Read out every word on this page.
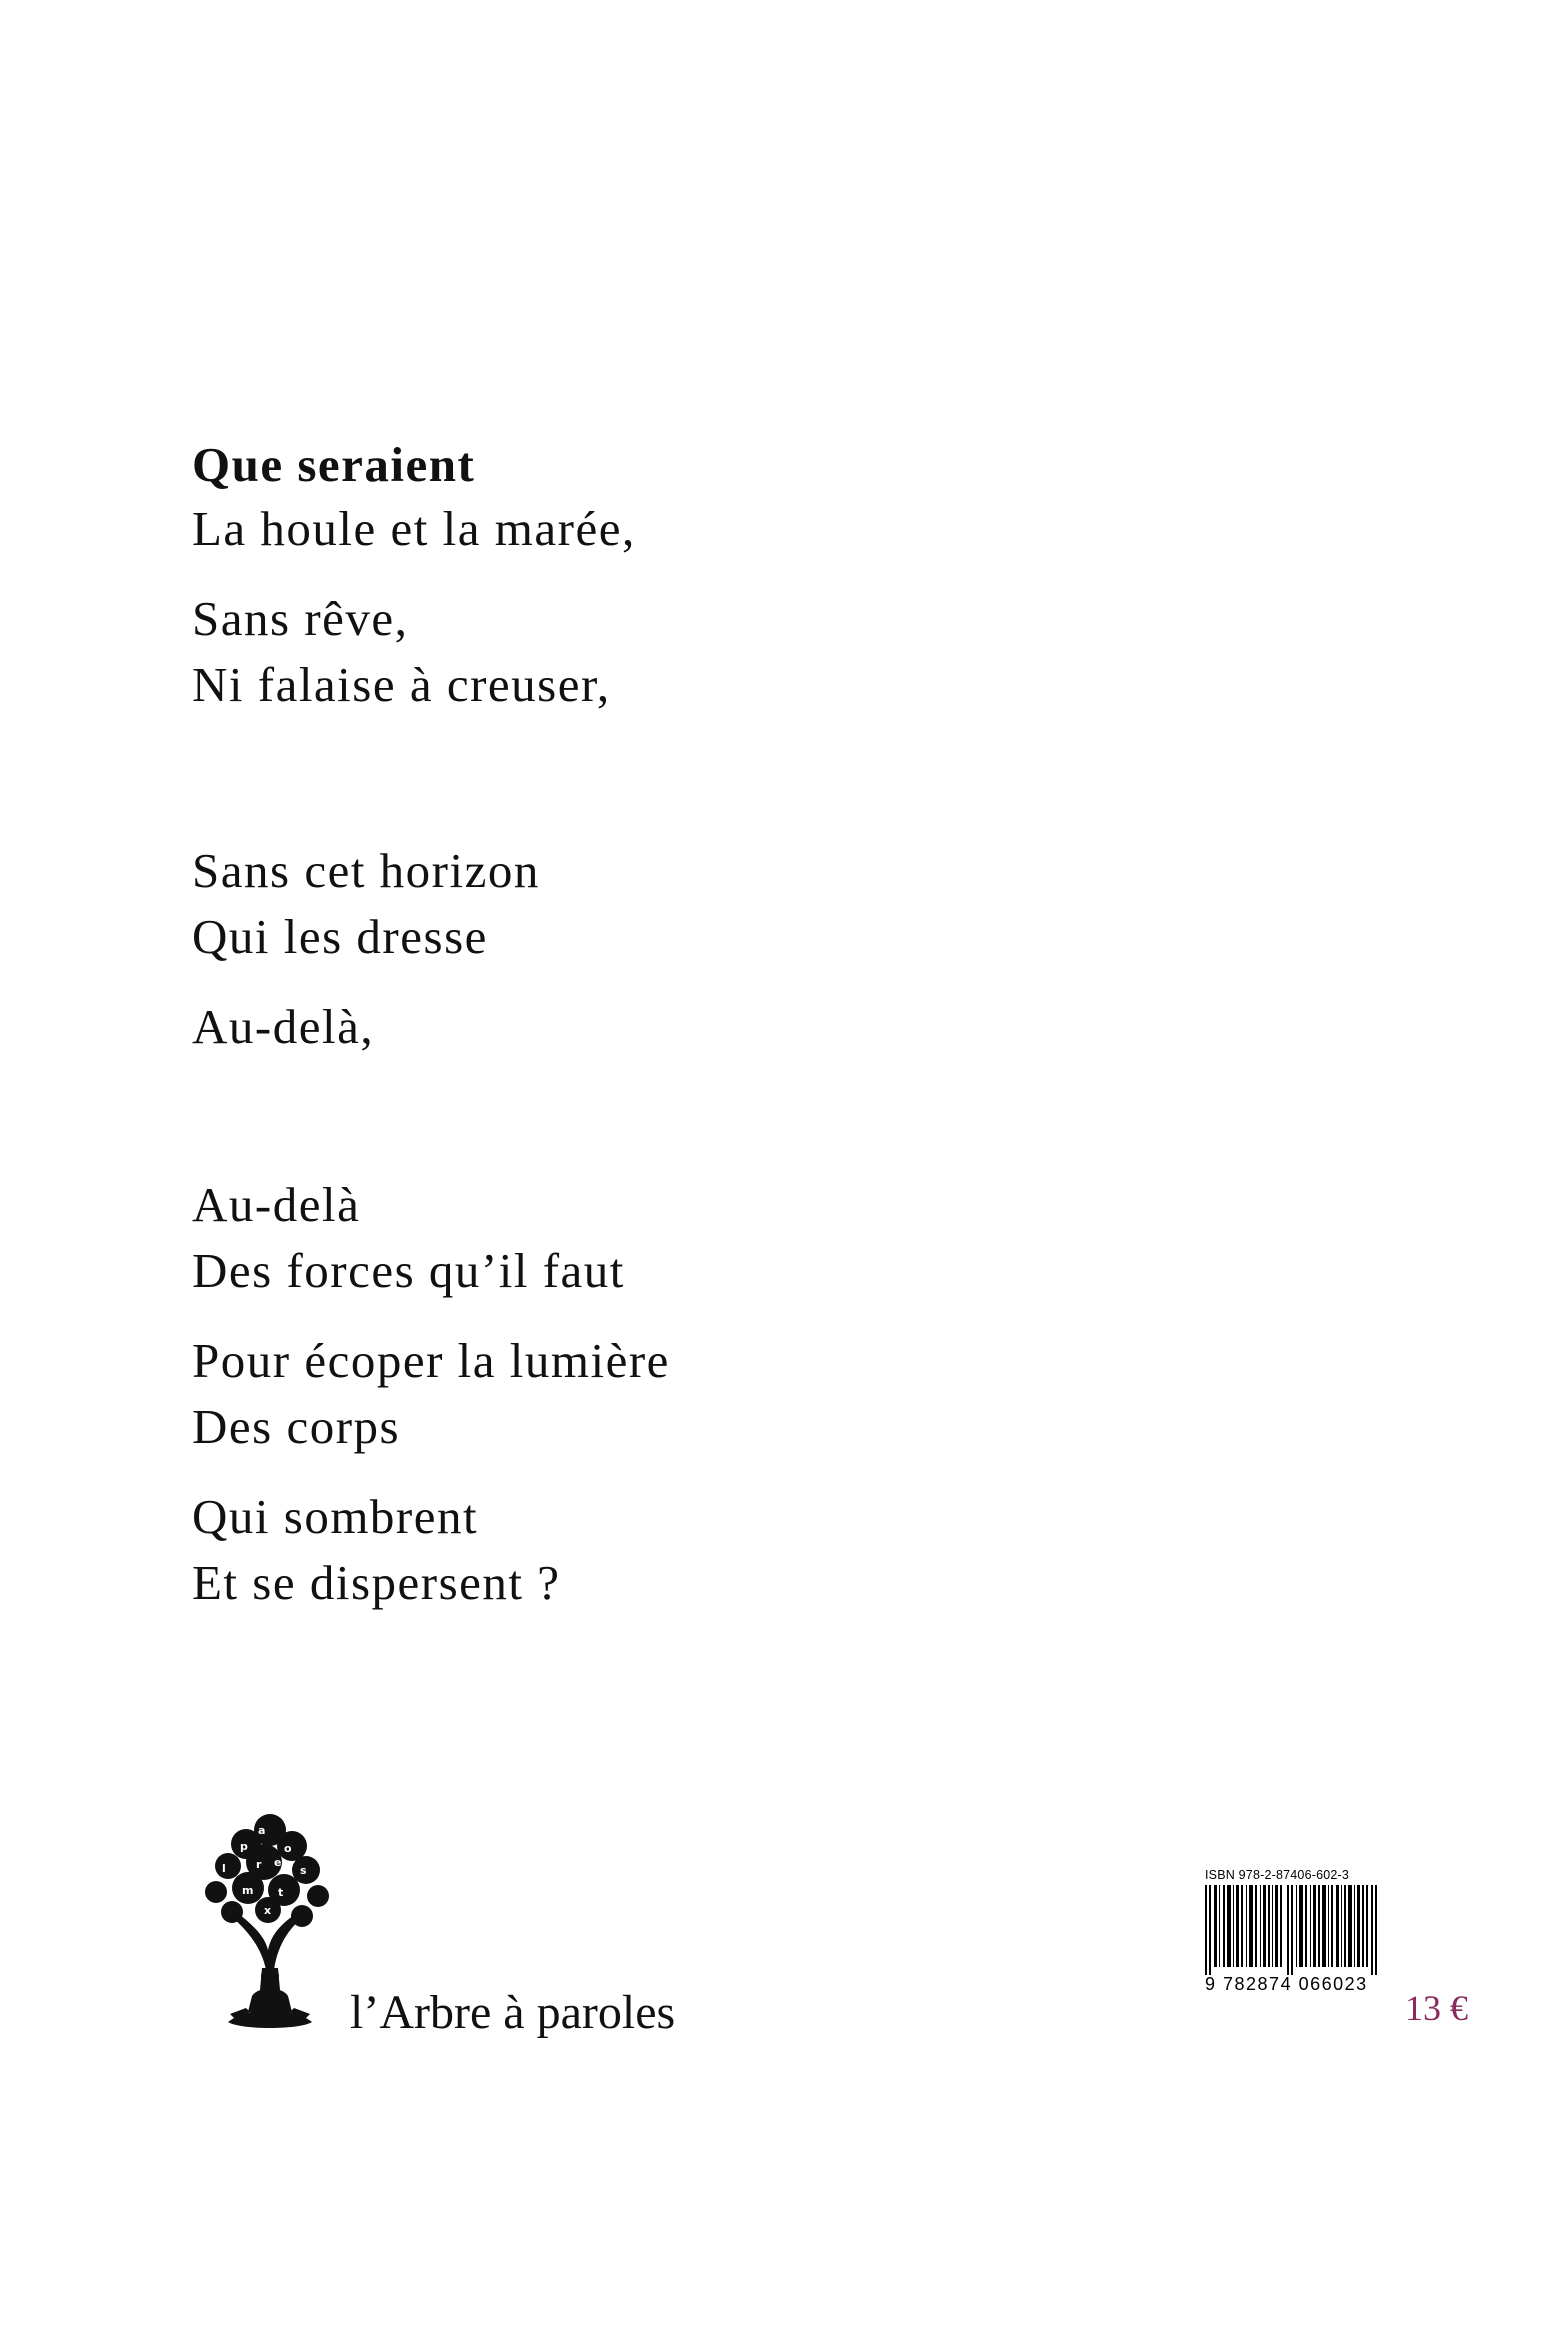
Que seraient
La houle et la marée,
Sans rêve,
Ni falaise à creuser,
Sans cet horizon
Qui les dresse
Au-delà,
Au-delà
Des forces qu’il faut
Pour écoper la lumière
Des corps
Qui sombrent
Et se dispersent ?
a
p	o
r e
l	s
m t
x
l’Arbre à paroles
ISBN 978-2-87406-602-3
9 782874 066023
13 €
